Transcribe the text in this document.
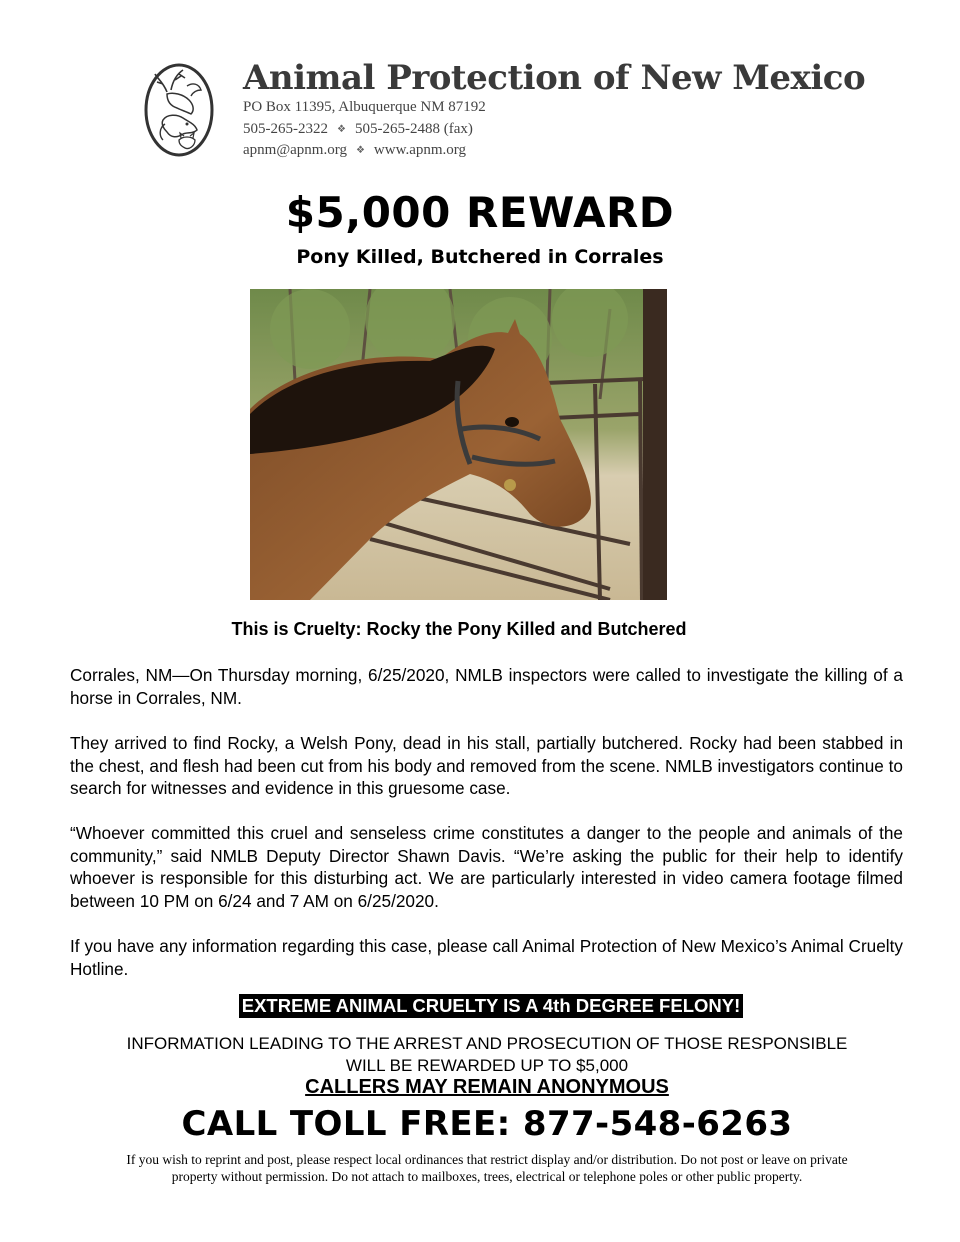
Animal Protection of New Mexico
PO Box 11395, Albuquerque NM 87192
505-265-2322 ❖ 505-265-2488 (fax)
apnm@apnm.org ❖ www.apnm.org
$5,000 REWARD
Pony Killed, Butchered in Corrales
This is Cruelty: Rocky the Pony Killed and Butchered

Corrales, NM—On Thursday morning, 6/25/2020, NMLB inspectors were called to investigate the killing of a horse in Corrales, NM.

They arrived to find Rocky, a Welsh Pony, dead in his stall, partially butchered. Rocky had been stabbed in the chest, and flesh had been cut from his body and removed from the scene. NMLB investigators continue to search for witnesses and evidence in this gruesome case.

“Whoever committed this cruel and senseless crime constitutes a danger to the people and animals of the community,” said NMLB Deputy Director Shawn Davis. “We’re asking the public for their help to identify whoever is responsible for this disturbing act. We are particularly interested in video camera footage filmed between 10 PM on 6/24 and 7 AM on 6/25/2020.

If you have any information regarding this case, please call Animal Protection of New Mexico’s Animal Cruelty Hotline.

EXTREME ANIMAL CRUELTY IS A 4th DEGREE FELONY!
INFORMATION LEADING TO THE ARREST AND PROSECUTION OF THOSE RESPONSIBLE
WILL BE REWARDED UP TO $5,000
CALLERS MAY REMAIN ANONYMOUS
CALL TOLL FREE: 877-548-6263
If you wish to reprint and post, please respect local ordinances that restrict display and/or distribution. Do not post or leave on private
property without permission. Do not attach to mailboxes, trees, electrical or telephone poles or other public property.
